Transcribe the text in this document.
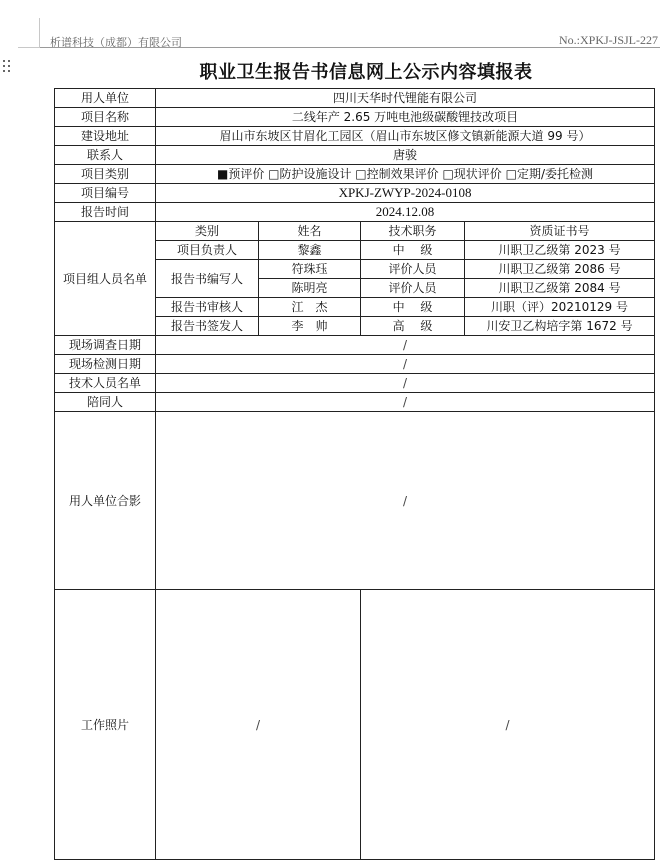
析谱科技（成都）有限公司	No.:XPKJ-JSJL-227
职业卫生报告书信息网上公示内容填报表
用人单位	四川天华时代锂能有限公司			
项目名称	二线年产 2.65 万吨电池级碳酸锂技改项目			
建设地址	眉山市东坡区甘眉化工园区（眉山市东坡区修文镇新能源大道 99 号）			
联系人	唐骏			
项目类别	■预评价 □防护设施设计 □控制效果评价 □现状评价 □定期/委托检测			
项目编号	XPKJ-ZWYP-2024-0108			
报告时间	2024.12.08			
项目组人员名单	类别	姓名	技术职务	资质证书号
	项目负责人	黎鑫	中　 级	川职卫乙级第 2023 号
	报告书编写人	符珠珏	评价人员	川职卫乙级第 2086 号
		陈明亮	评价人员	川职卫乙级第 2084 号
	报告书审核人	江　杰	中　 级	川职（评）20210129 号
	报告书签发人	李　帅	高　 级	川安卫乙构培字第 1672 号
现场调查日期	/			
现场检测日期	/			
技术人员名单	/			
陪同人	/			
用人单位合影	/			
工作照片	/		/	
